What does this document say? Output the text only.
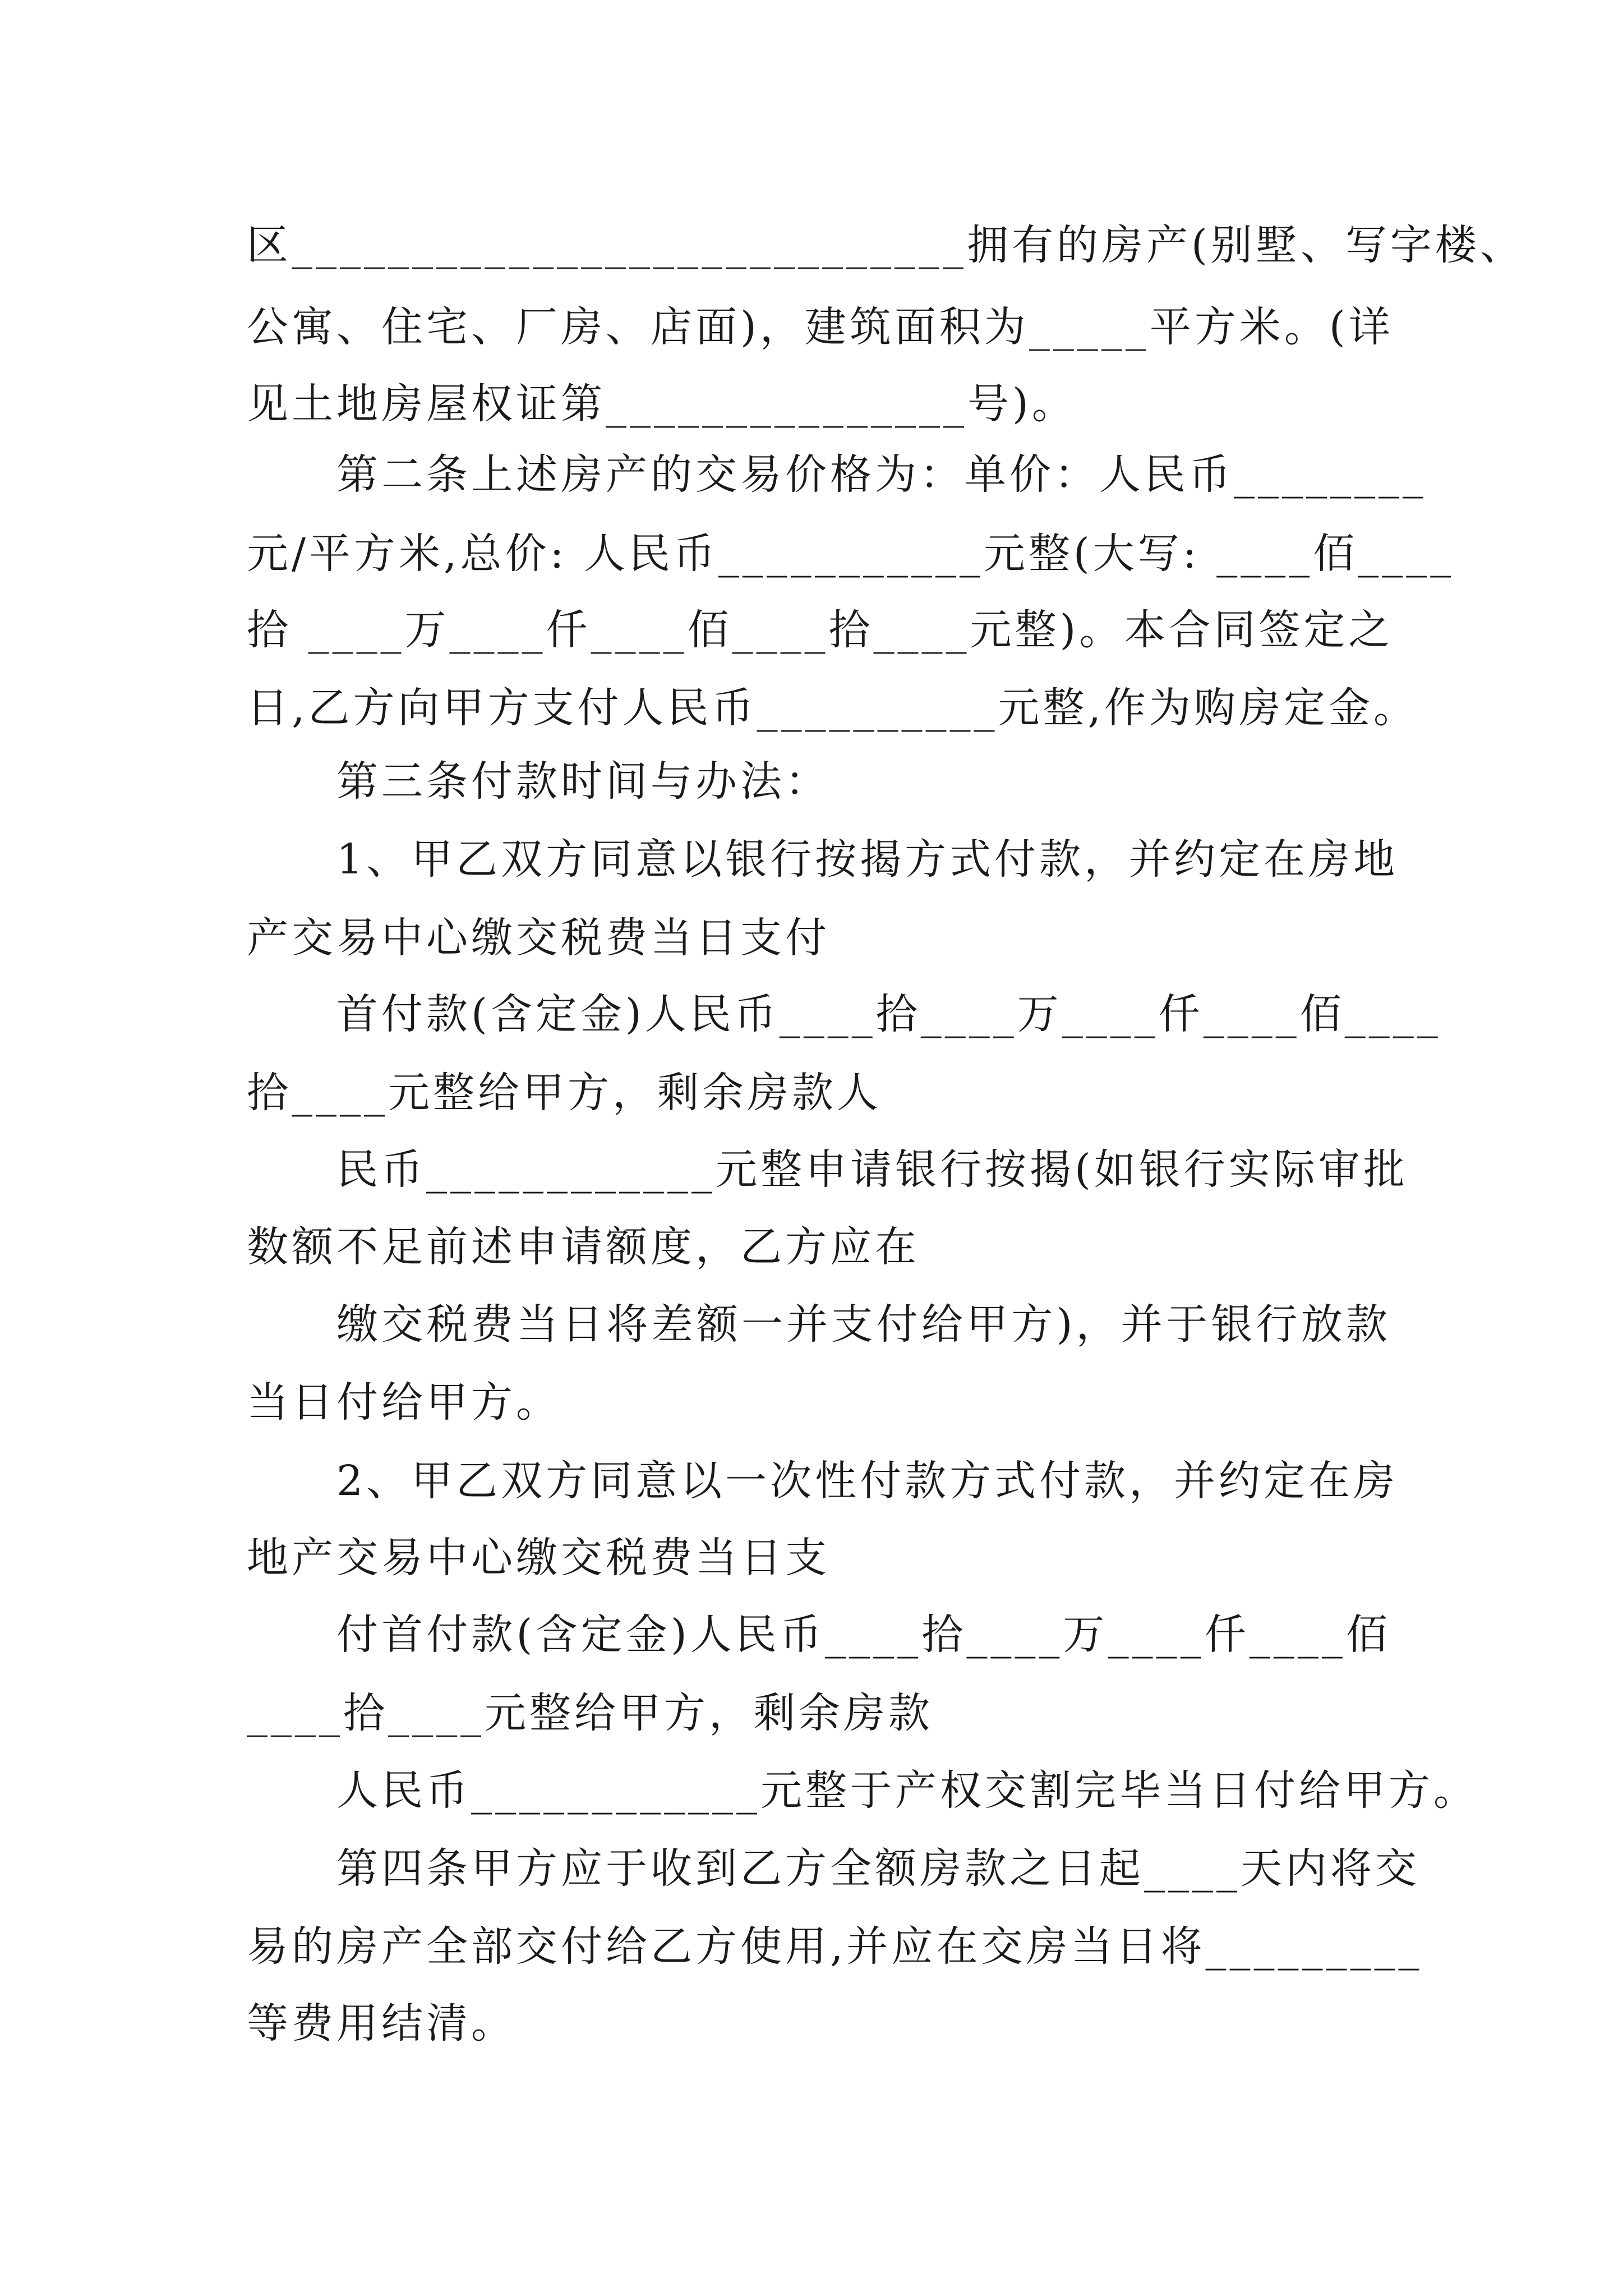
区____________________________拥有的房产(别墅、写字楼、
公寓、住宅、厂房、店面)，建筑面积为_____平方米。(详
见土地房屋权证第_______________号)。
第二条上述房产的交易价格为：单价：人民币________
元/平方米,总价: 人民币___________元整(大写: ____佰____
拾 ____万____仟____佰____拾____元整)。本合同签定之
日,乙方向甲方支付人民币__________元整,作为购房定金。
第三条付款时间与办法：
1、甲乙双方同意以银行按揭方式付款，并约定在房地
产交易中心缴交税费当日支付
首付款(含定金)人民币____拾____万____仟____佰____
拾____元整给甲方，剩余房款人
民币____________元整申请银行按揭(如银行实际审批
数额不足前述申请额度，乙方应在
缴交税费当日将差额一并支付给甲方)，并于银行放款
当日付给甲方。
2、甲乙双方同意以一次性付款方式付款，并约定在房
地产交易中心缴交税费当日支
付首付款(含定金)人民币____拾____万____仟____佰
____拾____元整给甲方，剩余房款
人民币____________元整于产权交割完毕当日付给甲方。
第四条甲方应于收到乙方全额房款之日起____天内将交
易的房产全部交付给乙方使用,并应在交房当日将_________
等费用结清。
